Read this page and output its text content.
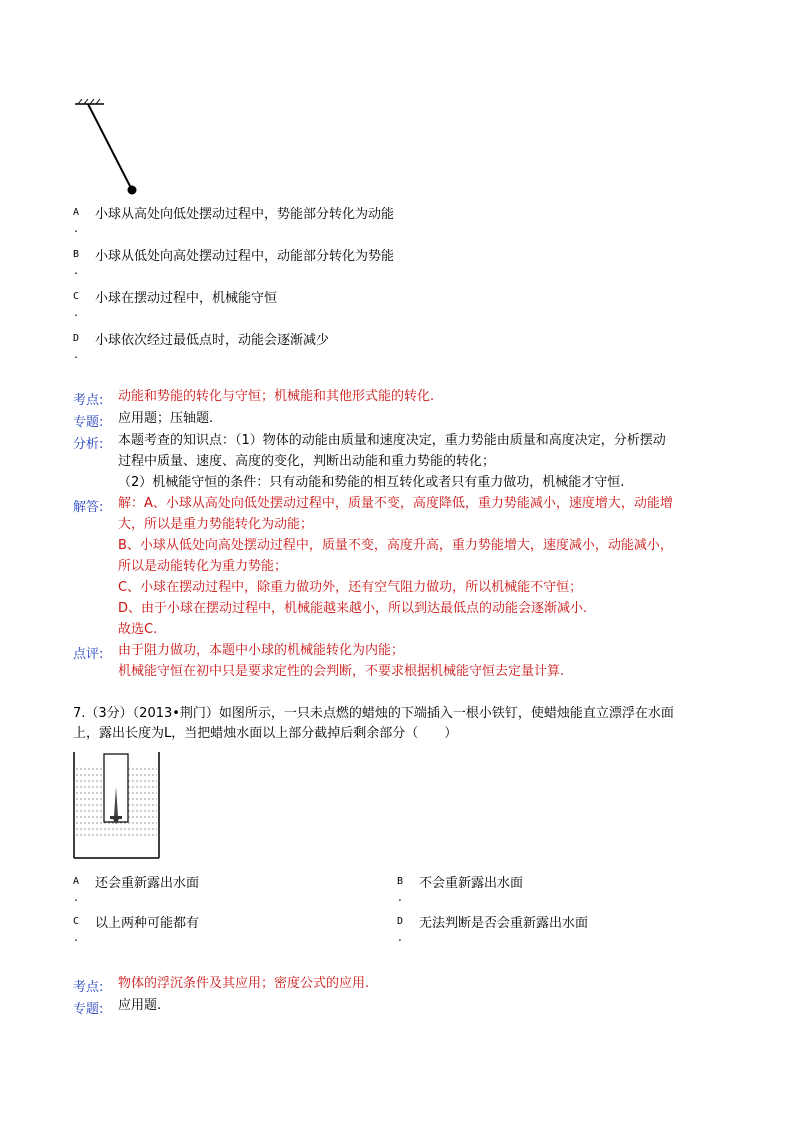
A 小球从高处向低处摆动过程中，势能部分转化为动能
.
B 小球从低处向高处摆动过程中，动能部分转化为势能
.
C 小球在摆动过程中，机械能守恒
.
D 小球依次经过最低点时，动能会逐渐减少
.
考点: 动能和势能的转化与守恒；机械能和其他形式能的转化.
专题: 应用题；压轴题.
分析: 本题考查的知识点：（1）物体的动能由质量和速度决定，重力势能由质量和高度决定，分析摆动
过程中质量、速度、高度的变化，判断出动能和重力势能的转化；
（2）机械能守恒的条件：只有动能和势能的相互转化或者只有重力做功，机械能才守恒.
解答: 解：A、小球从高处向低处摆动过程中，质量不变，高度降低，重力势能减小，速度增大，动能增
大，所以是重力势能转化为动能；
B、小球从低处向高处摆动过程中，质量不变，高度升高，重力势能增大，速度减小，动能减小，
所以是动能转化为重力势能；
C、小球在摆动过程中，除重力做功外，还有空气阻力做功，所以机械能不守恒；
D、由于小球在摆动过程中，机械能越来越小，所以到达最低点的动能会逐渐减小.
故选C.
点评: 由于阻力做功，本题中小球的机械能转化为内能；
机械能守恒在初中只是要求定性的会判断，不要求根据机械能守恒去定量计算.
7.（3分）（2013•荆门）如图所示，一只未点燃的蜡烛的下端插入一根小铁钉，使蜡烛能直立漂浮在水面
上，露出长度为L，当把蜡烛水面以上部分截掉后剩余部分（　　）
A 还会重新露出水面
.
B 不会重新露出水面
.
C 以上两种可能都有
.
D 无法判断是否会重新露出水面
.
考点: 物体的浮沉条件及其应用；密度公式的应用.
专题: 应用题.
